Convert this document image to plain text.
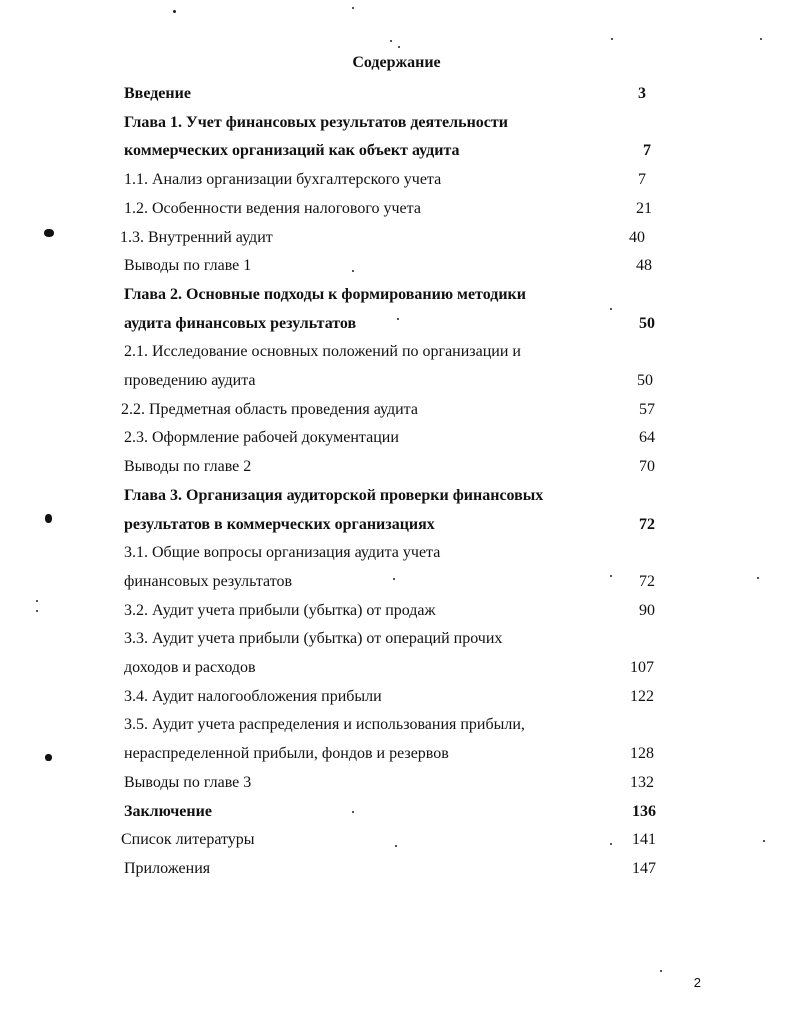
Содержание
Введение	3
Глава 1. Учет финансовых результатов деятельности
коммерческих организаций как объект аудита	7
1.1. Анализ организации бухгалтерского учета	7
1.2. Особенности ведения налогового учета	21
1.3. Внутренний аудит	40
Выводы по главе 1	48
Глава 2. Основные подходы к формированию методики
аудита финансовых результатов	50
2.1. Исследование основных положений по организации и
проведению аудита	50
2.2. Предметная область проведения аудита	57
2.3. Оформление рабочей документации	64
Выводы по главе 2	70
Глава 3. Организация аудиторской проверки финансовых
результатов в коммерческих организациях	72
3.1. Общие вопросы организация аудита учета
финансовых результатов	72
3.2. Аудит учета прибыли (убытка) от продаж	90
3.3. Аудит учета прибыли (убытка) от операций прочих
доходов и расходов	107
3.4. Аудит налогообложения прибыли	122
3.5. Аудит учета распределения и использования прибыли,
нераспределенной прибыли, фондов и резервов	128
Выводы по главе 3	132
Заключение	136
Список литературы	141
Приложения	147
2
